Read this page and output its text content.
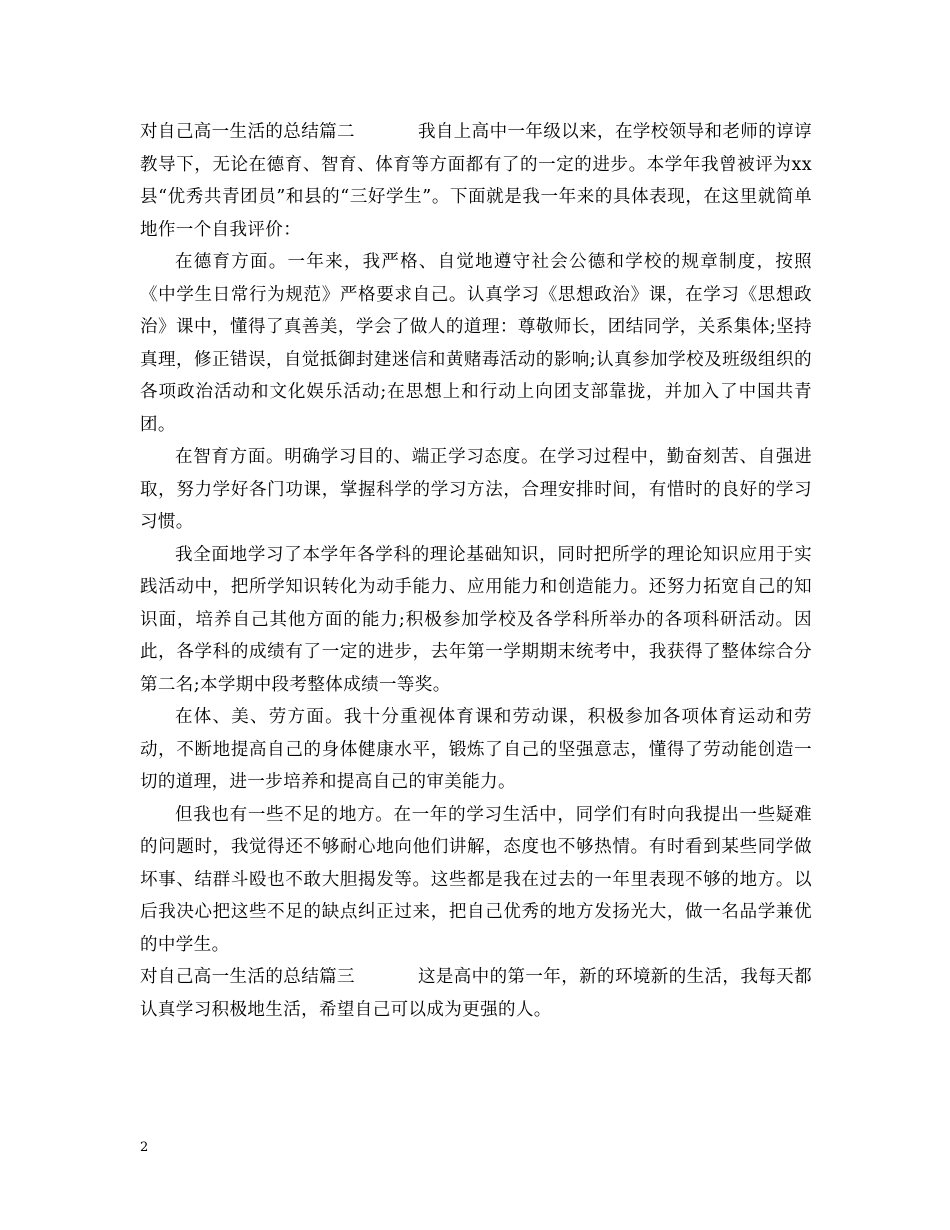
对自己高一生活的总结篇二	我自上高中一年级以来，在学校领导和老师的谆谆教导下，无论在德育、智育、体育等方面都有了的一定的进步。本学年我曾被评为xx县“优秀共青团员”和县的“三好学生”。下面就是我一年来的具体表现，在这里就简单地作一个自我评价：

在德育方面。一年来，我严格、自觉地遵守社会公德和学校的规章制度，按照《中学生日常行为规范》严格要求自己。认真学习《思想政治》课，在学习《思想政治》课中，懂得了真善美，学会了做人的道理：尊敬师长，团结同学，关系集体;坚持真理，修正错误，自觉抵御封建迷信和黄赌毒活动的影响;认真参加学校及班级组织的各项政治活动和文化娱乐活动;在思想上和行动上向团支部靠拢，并加入了中国共青团。

在智育方面。明确学习目的、端正学习态度。在学习过程中，勤奋刻苦、自强进取，努力学好各门功课，掌握科学的学习方法，合理安排时间，有惜时的良好的学习习惯。

我全面地学习了本学年各学科的理论基础知识，同时把所学的理论知识应用于实践活动中，把所学知识转化为动手能力、应用能力和创造能力。还努力拓宽自己的知识面，培养自己其他方面的能力;积极参加学校及各学科所举办的各项科研活动。因此，各学科的成绩有了一定的进步，去年第一学期期末统考中，我获得了整体综合分第二名;本学期中段考整体成绩一等奖。

在体、美、劳方面。我十分重视体育课和劳动课，积极参加各项体育运动和劳动，不断地提高自己的身体健康水平，锻炼了自己的坚强意志，懂得了劳动能创造一切的道理，进一步培养和提高自己的审美能力。

但我也有一些不足的地方。在一年的学习生活中，同学们有时向我提出一些疑难的问题时，我觉得还不够耐心地向他们讲解，态度也不够热情。有时看到某些同学做坏事、结群斗殴也不敢大胆揭发等。这些都是我在过去的一年里表现不够的地方。以后我决心把这些不足的缺点纠正过来，把自己优秀的地方发扬光大，做一名品学兼优的中学生。

对自己高一生活的总结篇三	这是高中的第一年，新的环境新的生活，我每天都认真学习积极地生活，希望自己可以成为更强的人。

2
